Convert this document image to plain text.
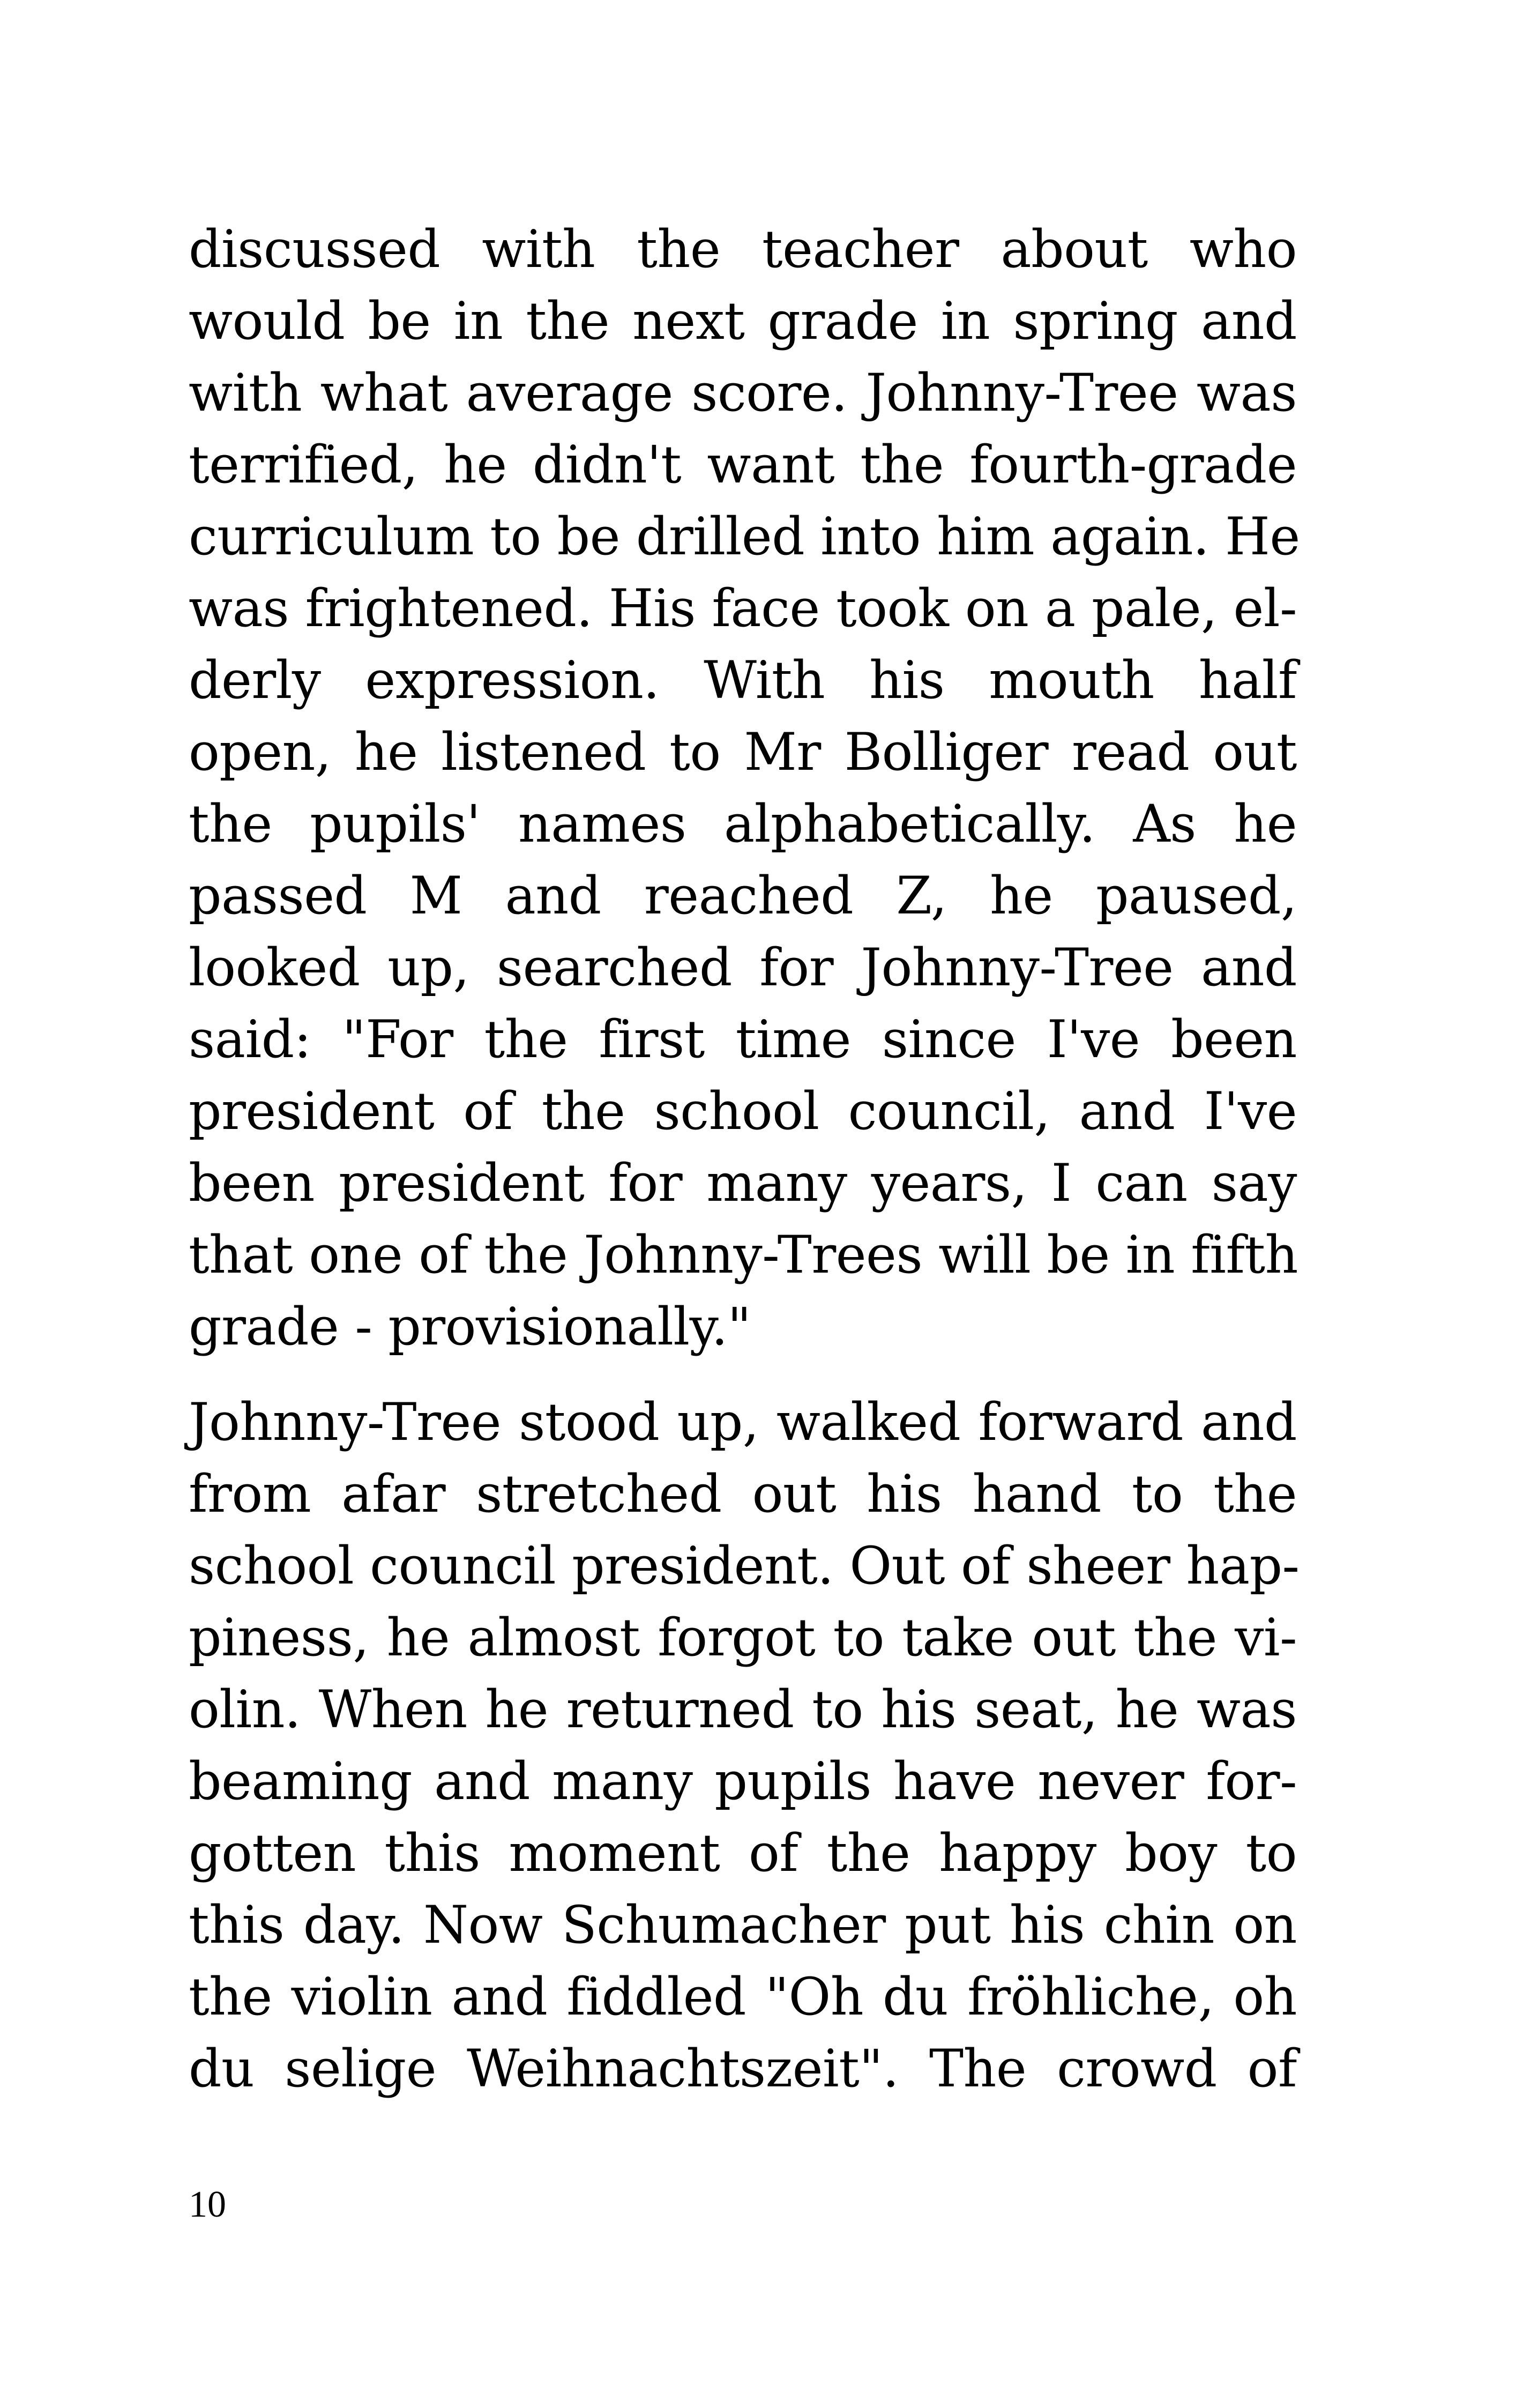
discussed with the teacher about who
would be in the next grade in spring and
with what average score. Johnny-Tree was
terrified, he didn't want the fourth-grade
curriculum to be drilled into him again. He
was frightened. His face took on a pale, el-
derly expression. With his mouth half
open, he listened to Mr Bolliger read out
the pupils' names alphabetically. As he
passed M and reached Z, he paused,
looked up, searched for Johnny-Tree and
said: "For the first time since I've been
president of the school council, and I've
been president for many years, I can say
that one of the Johnny-Trees will be in fifth
grade - provisionally."
Johnny-Tree stood up, walked forward and
from afar stretched out his hand to the
school council president. Out of sheer hap-
piness, he almost forgot to take out the vi-
olin. When he returned to his seat, he was
beaming and many pupils have never for-
gotten this moment of the happy boy to
this day. Now Schumacher put his chin on
the violin and fiddled "Oh du fröhliche, oh
du selige Weihnachtszeit". The crowd of
10
